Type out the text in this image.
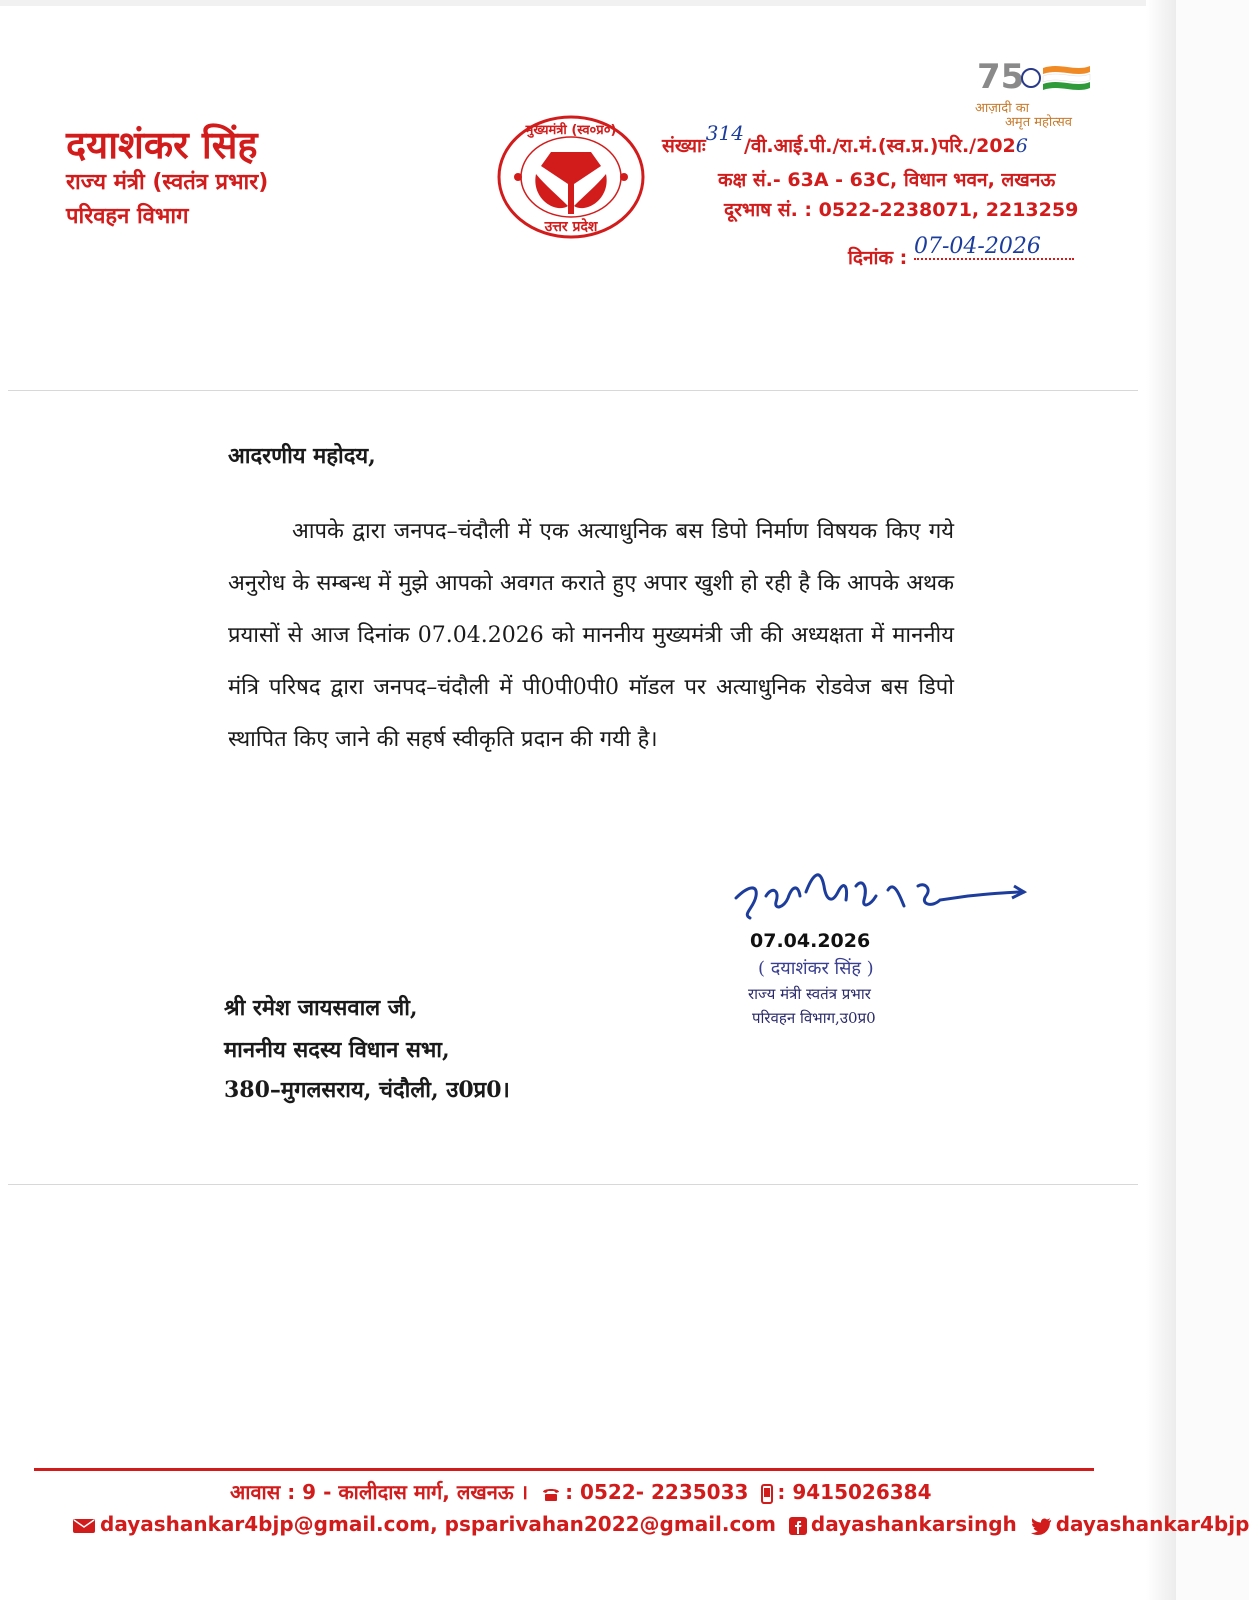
दयाशंकर सिंह
राज्य मंत्री (स्वतंत्र प्रभार)
परिवहन विभाग
मुख्यमंत्री (स्व०प्र०)
उत्तर प्रदेश
75
आज़ादी का
अमृत महोत्सव
संख्याः314/वी.आई.पी./रा.मं.(स्व.प्र.)परि./2026
कक्ष सं.- 63A - 63C, विधान भवन, लखनऊ
दूरभाष सं. : 0522-2238071, 2213259
दिनांक : 07-04-2026
आदरणीय महोदय,
आपके द्वारा जनपद–चंदौली में एक अत्याधुनिक बस डिपो निर्माण विषयक किए गये अनुरोध के सम्बन्ध में मुझे आपको अवगत कराते हुए अपार खुशी हो रही है कि आपके अथक प्रयासों से आज दिनांक 07.04.2026 को माननीय मुख्यमंत्री जी की अध्यक्षता में माननीय मंत्रि परिषद द्वारा जनपद–चंदौली में पी0पी0पी0 मॉडल पर अत्याधुनिक रोडवेज बस डिपो स्थापित किए जाने की सहर्ष स्वीकृति प्रदान की गयी है।
07.04.2026
( दयाशंकर सिंह )
राज्य मंत्री स्वतंत्र प्रभार
परिवहन विभाग,उ0प्र0
श्री रमेश जायसवाल जी,
माननीय सदस्य विधान सभा,
380–मुगलसराय, चंदौली, उ0प्र0।
आवास : 9 - कालीदास मार्ग, लखनऊ । : 0522- 2235033 : 9415026384
dayashankar4bjp@gmail.com, psparivahan2022@gmail.com dayashankarsingh dayashankar4bjp
